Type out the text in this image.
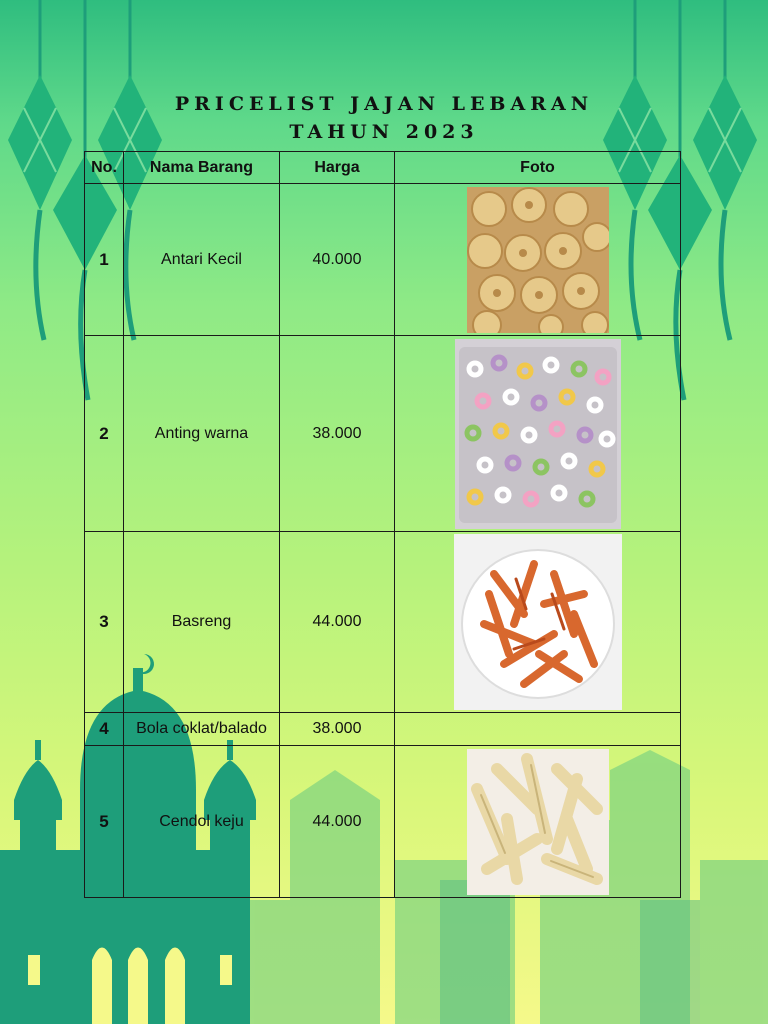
PRICELIST JAJAN LEBARAN
TAHUN 2023
No.	Nama Barang	Harga	Foto
1	Antari Kecil	40.000	

2	Anting warna	38.000	

3	Basreng	44.000	

4	Bola coklat/balado	38.000	
5	Cendol keju	44.000	
